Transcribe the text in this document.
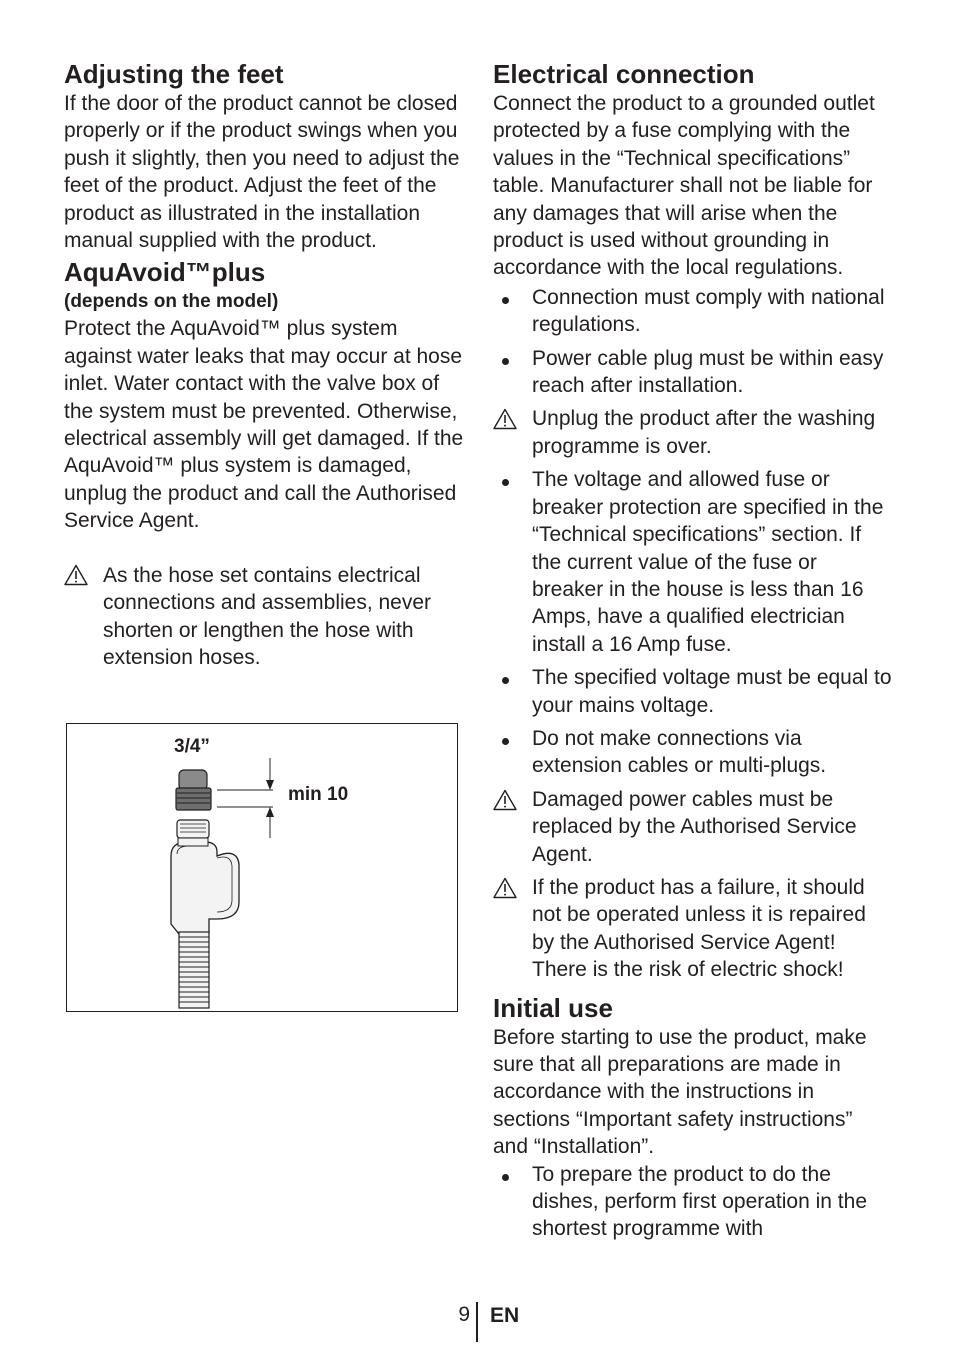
Adjusting the feet

If the door of the product cannot be closed properly or if the product swings when you push it slightly, then you need to adjust the feet of the product. Adjust the feet of the product as illustrated in the installation manual supplied with the product.

AquAvoid™plus
(depends on the model)

Protect the AquAvoid™ plus system against water leaks that may occur at hose inlet. Water contact with the valve box of the system must be prevented. Otherwise, electrical assembly will get damaged. If the AquAvoid™ plus system is damaged, unplug the product and call the Authorised Service Agent.

As the hose set contains electrical connections and assemblies, never shorten or lengthen the hose with extension hoses.

3/4”
min 10
Electrical connection

Connect the product to a grounded outlet protected by a fuse complying with the values in the “Technical specifications” table. Manufacturer shall not be liable for any damages that will arise when the product is used without grounding in accordance with the local regulations.

Connection must comply with national regulations.
Power cable plug must be within easy reach after installation.
Unplug the product after the washing programme is over.
The voltage and allowed fuse or breaker protection are specified in the “Technical specifications” section. If the current value of the fuse or breaker in the house is less than 16 Amps, have a qualified electrician install a 16 Amp fuse.
The specified voltage must be equal to your mains voltage.
Do not make connections via extension cables or multi-plugs.
Damaged power cables must be replaced by the Authorised Service Agent.
If the product has a failure, it should not be operated unless it is repaired by the Authorised Service Agent! There is the risk of electric shock!
Initial use

Before starting to use the product, make sure that all preparations are made in accordance with the instructions in sections “Important safety instructions” and “Installation”.

To prepare the product to do the dishes, perform first operation in the shortest programme with
9 EN
